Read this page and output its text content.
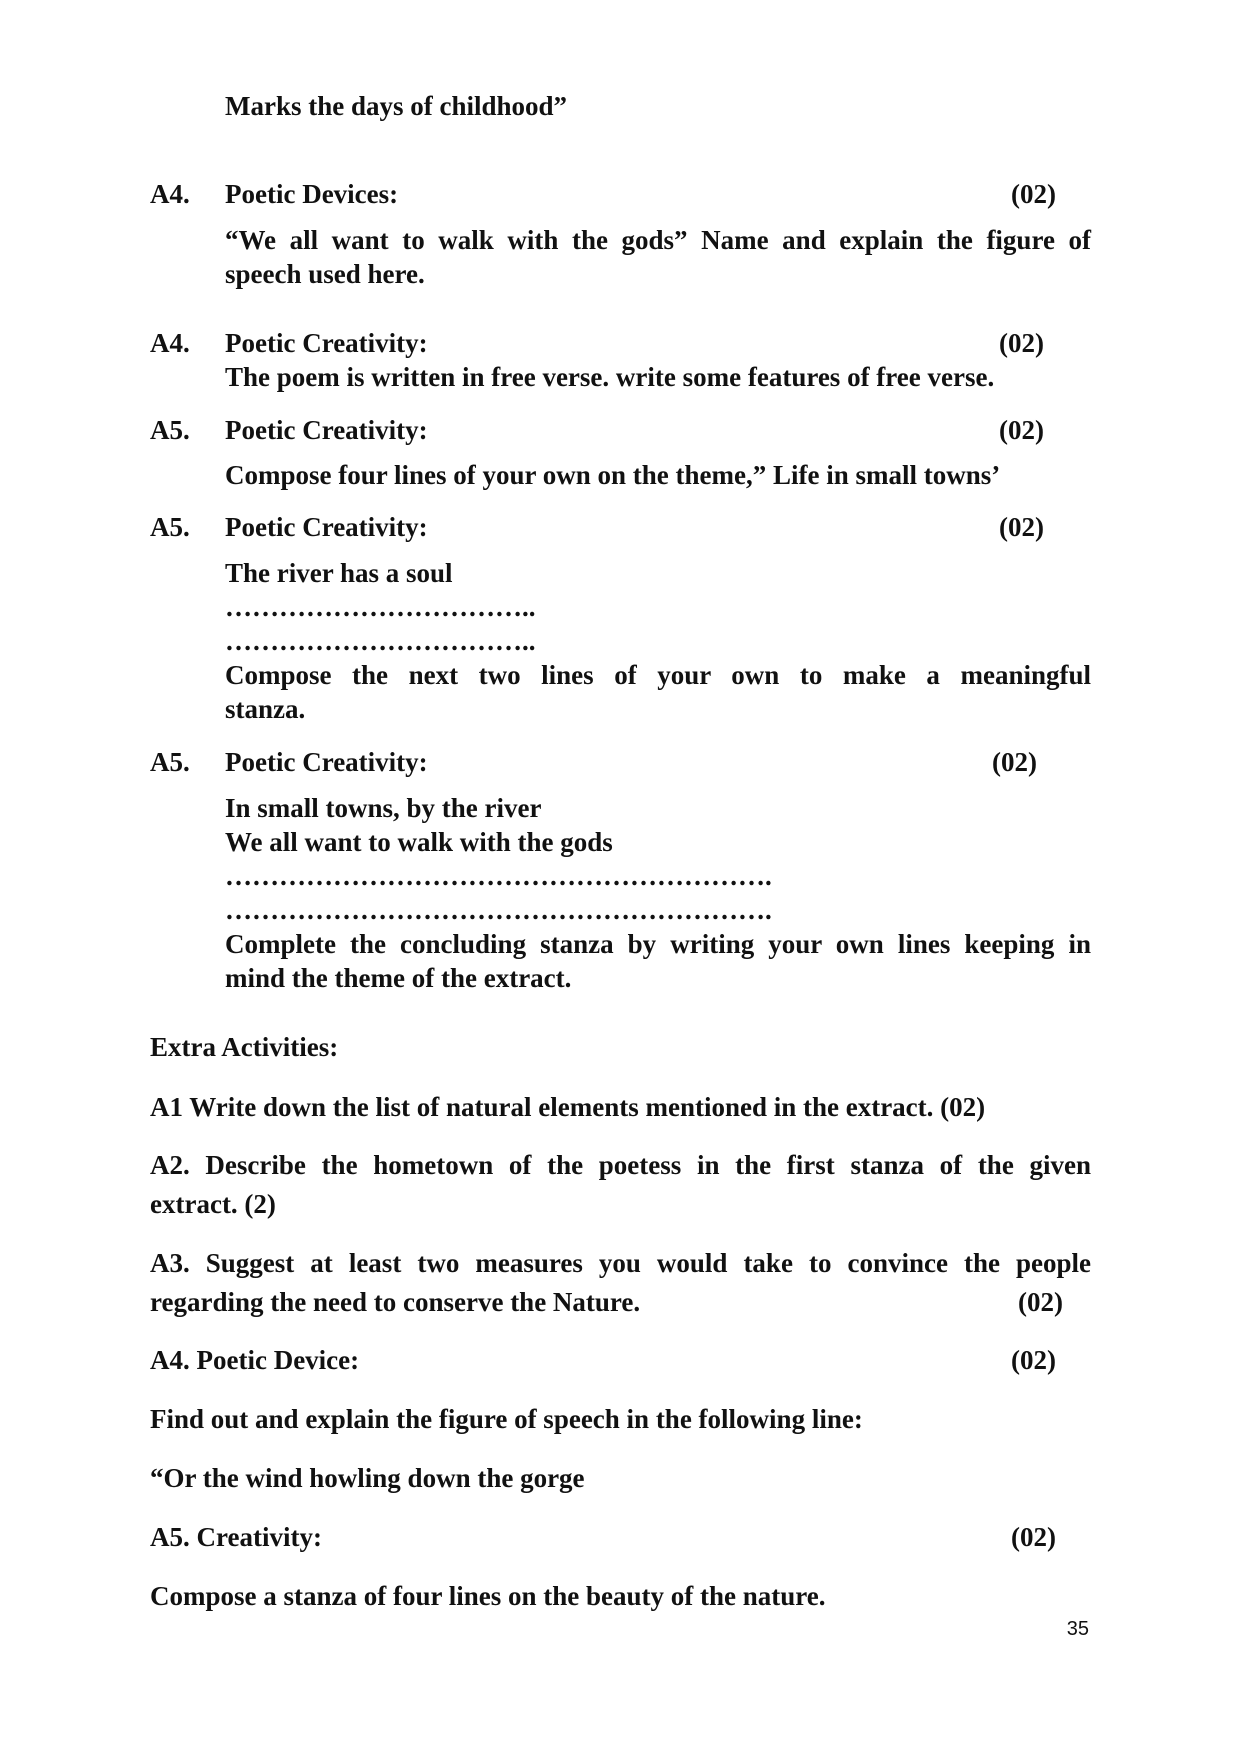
Marks the days of childhood”
A4. Poetic Devices:	(02)
“We all want to walk with the gods” Name and explain the figure of
speech used here.
A4. Poetic Creativity:	(02)
The poem is written in free verse. write some features of free verse.
A5. Poetic Creativity:	(02)
Compose four lines of your own on the theme,” Life in small towns’
A5. Poetic Creativity:	(02)
The river has a soul
……………………………..
……………………………..
Compose the next two lines of your own to make a meaningful
stanza.
A5. Poetic Creativity:	(02)
In small towns, by the river
We all want to walk with the gods
…………………………………………………….
…………………………………………………….
Complete the concluding stanza by writing your own lines keeping in
mind the theme of the extract.
Extra Activities:
A1 Write down the list of natural elements mentioned in the extract. (02)
A2. Describe the hometown of the poetess in the first stanza of the given
extract. (2)
A3. Suggest at least two measures you would take to convince the people
regarding the need to conserve the Nature.	(02)
A4. Poetic Device:	(02)
Find out and explain the figure of speech in the following line:
“Or the wind howling down the gorge
A5. Creativity:	(02)
Compose a stanza of four lines on the beauty of the nature.
35
